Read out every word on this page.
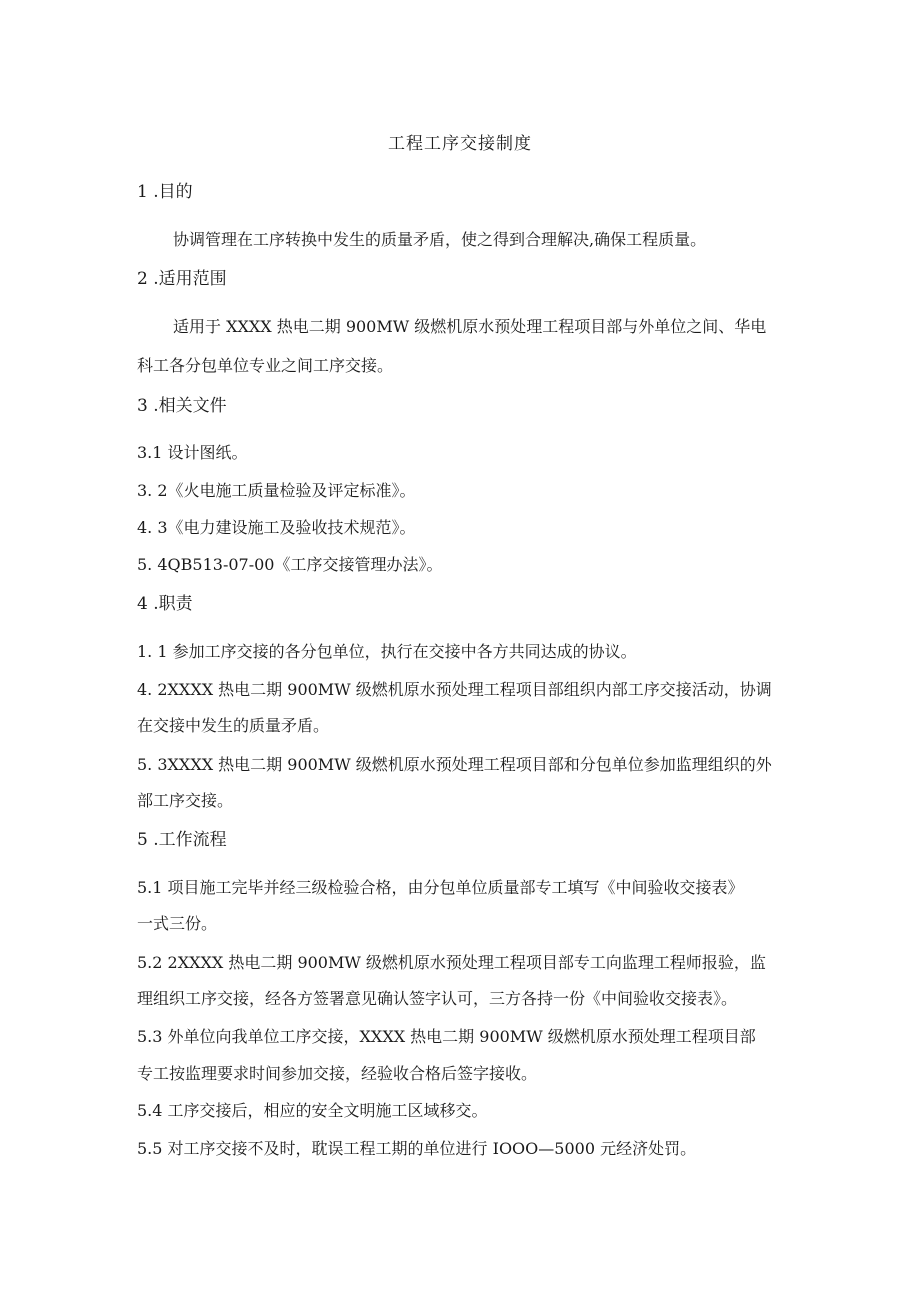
工程工序交接制度
1 .目的
协调管理在工序转换中发生的质量矛盾，使之得到合理解决,确保工程质量。
2 .适用范围
适用于 XXXX 热电二期 900MW 级燃机原水预处理工程项目部与外单位之间、华电
科工各分包单位专业之间工序交接。
3 .相关文件
3.1 设计图纸。
3. 2《火电施工质量检验及评定标准》。
4. 3《电力建设施工及验收技术规范》。
5. 4QB513-07-00《工序交接管理办法》。
4 .职责
1. 1 参加工序交接的各分包单位，执行在交接中各方共同达成的协议。
4. 2XXXX 热电二期 900MW 级燃机原水预处理工程项目部组织内部工序交接活动，协调
在交接中发生的质量矛盾。
5. 3XXXX 热电二期 900MW 级燃机原水预处理工程项目部和分包单位参加监理组织的外
部工序交接。
5 .工作流程
5.1 项目施工完毕并经三级检验合格，由分包单位质量部专工填写《中间验收交接表》
一式三份。
5.2 2XXXX 热电二期 900MW 级燃机原水预处理工程项目部专工向监理工程师报验，监
理组织工序交接，经各方签署意见确认签字认可，三方各持一份《中间验收交接表》。
5.3 外单位向我单位工序交接，XXXX 热电二期 900MW 级燃机原水预处理工程项目部
专工按监理要求时间参加交接，经验收合格后签字接收。
5.4 工序交接后，相应的安全文明施工区域移交。
5.5 对工序交接不及时，耽误工程工期的单位进行 IOOO—5000 元经济处罚。
